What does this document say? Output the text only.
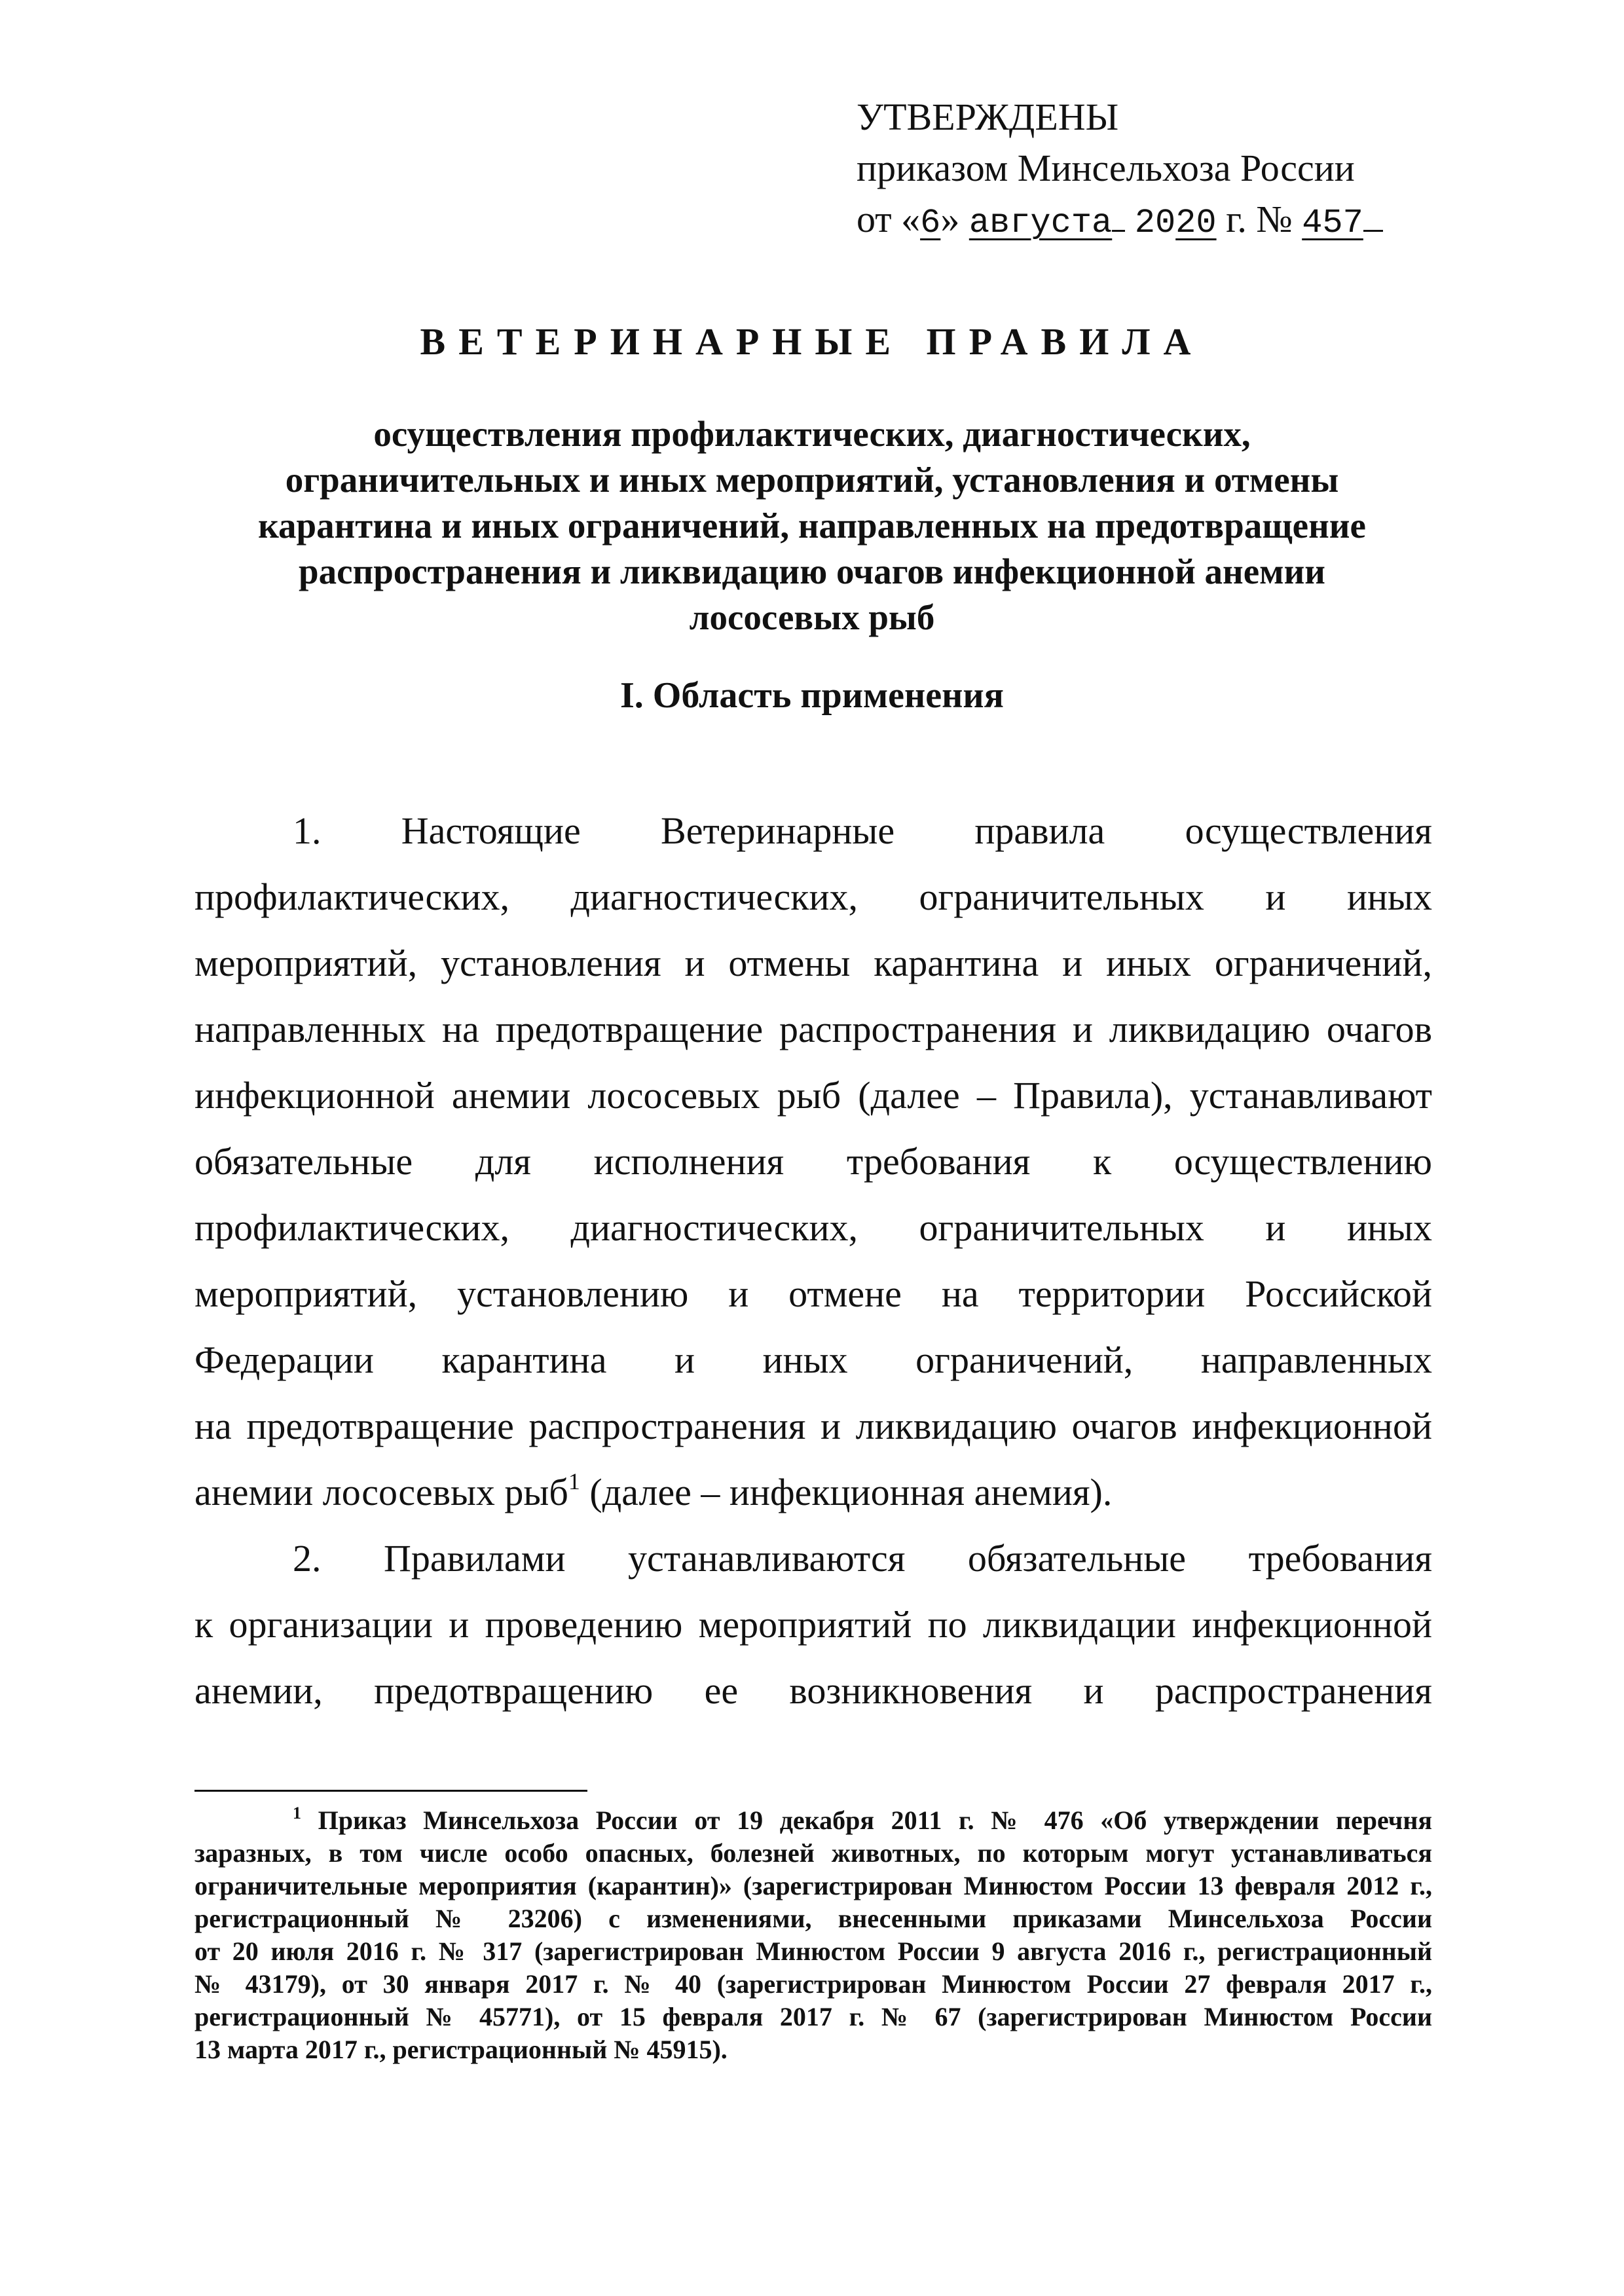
УТВЕРЖДЕНЫ
приказом Минсельхоза России
от «6» августа 2020 г. № 457
ВЕТЕРИНАРНЫЕ ПРАВИЛА
осуществления профилактических, диагностических,
ограничительных и иных мероприятий, установления и отмены
карантина и иных ограничений, направленных на предотвращение
распространения и ликвидацию очагов инфекционной анемии
лососевых рыб
I. Область применения
1. Настоящие Ветеринарные правила осуществления
профилактических, диагностических, ограничительных и иных
мероприятий, установления и отмены карантина и иных ограничений,
направленных на предотвращение распространения и ликвидацию очагов
инфекционной анемии лососевых рыб (далее – Правила), устанавливают
обязательные для исполнения требования к осуществлению
профилактических, диагностических, ограничительных и иных
мероприятий, установлению и отмене на территории Российской
Федерации карантина и иных ограничений, направленных
на предотвращение распространения и ликвидацию очагов инфекционной
анемии лососевых рыб$^1$ (далее – инфекционная анемия).
2. Правилами устанавливаются обязательные требования
к организации и проведению мероприятий по ликвидации инфекционной
анемии, предотвращению ее возникновения и распространения
$^1$ Приказ Минсельхоза России от 19 декабря 2011 г. № 476 «Об утверждении перечня
заразных, в том числе особо опасных, болезней животных, по которым могут устанавливаться
ограничительные мероприятия (карантин)» (зарегистрирован Минюстом России 13 февраля 2012 г.,
регистрационный № 23206) с изменениями, внесенными приказами Минсельхоза России
от 20 июля 2016 г. № 317 (зарегистрирован Минюстом России 9 августа 2016 г., регистрационный
№ 43179), от 30 января 2017 г. № 40 (зарегистрирован Минюстом России 27 февраля 2017 г.,
регистрационный № 45771), от 15 февраля 2017 г. № 67 (зарегистрирован Минюстом России
13 марта 2017 г., регистрационный № 45915).
